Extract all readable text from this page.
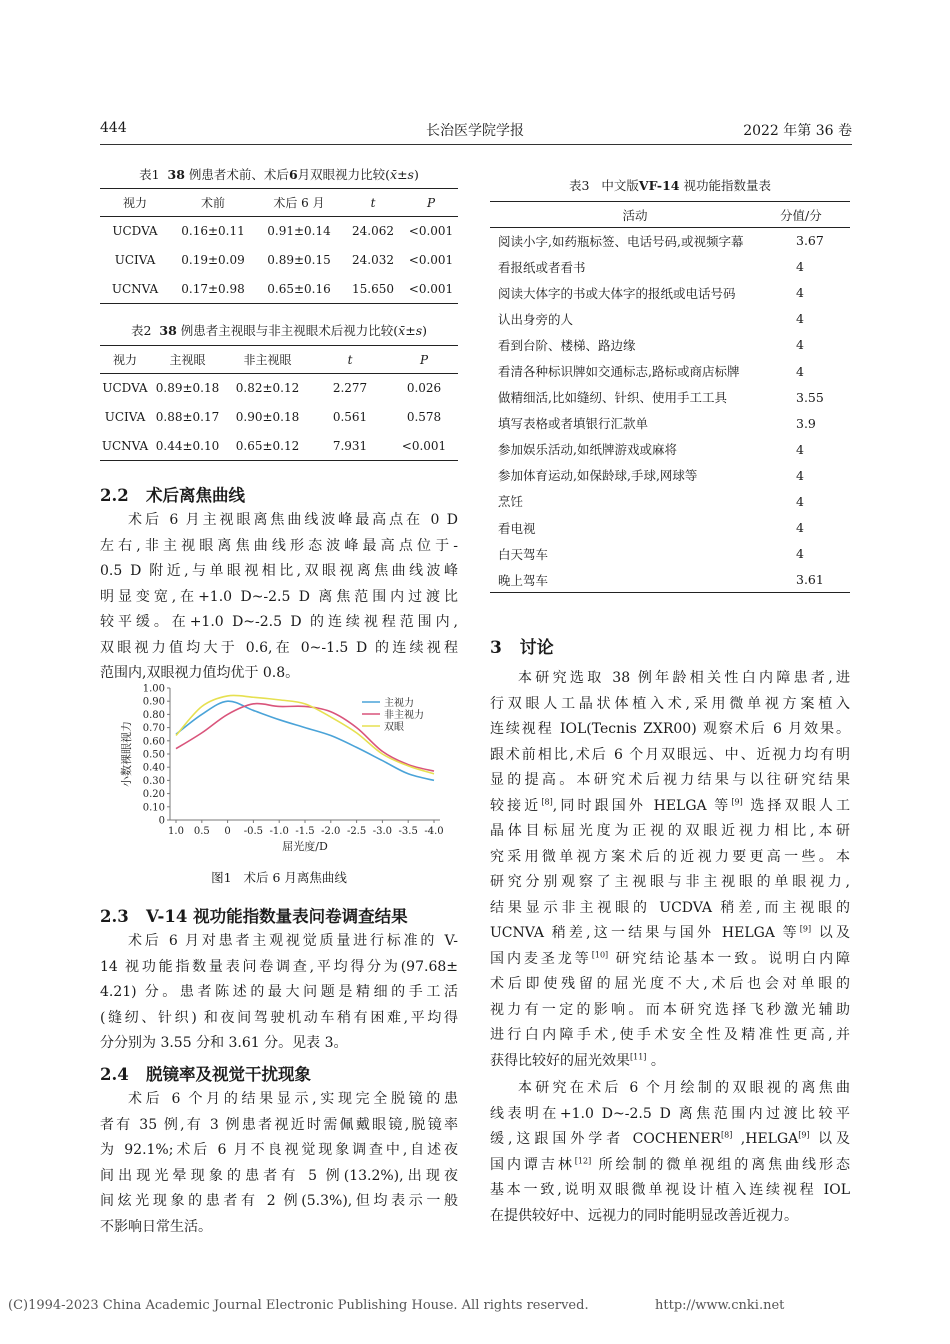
444	长治医学院学报	2022 年第 36 卷
表1 38 例患者术前、术后6月双眼视力比较(x̄±s)
视力	术前	术后 6 月	t	P
UCDVA	0.16±0.11	0.91±0.14	24.062	<0.001
UCIVA	0.19±0.09	0.89±0.15	24.032	<0.001
UCNVA	0.17±0.98	0.65±0.16	15.650	<0.001
表2 38 例患者主视眼与非主视眼术后视力比较(x̄±s)
视力	主视眼	非主视眼	t	P
UCDVA	0.89±0.18	0.82±0.12	2.277	0.026
UCIVA	0.88±0.17	0.90±0.18	0.561	0.578
UCNVA	0.44±0.10	0.65±0.12	7.931	<0.001
2.2 术后离焦曲线
术后 6 月主视眼离焦曲线波峰最高点在 0 D
左右,非主视眼离焦曲线形态波峰最高点位于-
0.5 D 附近,与单眼视相比,双眼视离焦曲线波峰
明显变宽,在+1.0 D~-2.5 D 离焦范围内过渡比
较平缓。在+1.0 D~-2.5 D 的连续视程范围内,
双眼视力值均大于 0.6,在 0~-1.5 D 的连续视程
范围内,双眼视力值均优于 0.8。
0
0.10
0.20
0.30
0.40
0.50
0.60
0.70
0.80
0.90
1.00
1.0 0.5 0 -0.5 -1.0 -1.5 -2.0 -2.5 -3.0 -3.5 -4.0
屈光度/D
小数裸眼视力
主视力
非主视力
双眼
图1 术后 6 月离焦曲线
2.3 V-14 视功能指数量表问卷调查结果
术后 6 月对患者主观视觉质量进行标准的 V-
14 视功能指数量表问卷调查,平均得分为(97.68±
4.21) 分。患者陈述的最大问题是精细的手工活
(缝纫、针织) 和夜间驾驶机动车稍有困难,平均得
分分别为 3.55 分和 3.61 分。见表 3。
2.4 脱镜率及视觉干扰现象
术后 6 个月的结果显示,实现完全脱镜的患
者有 35 例,有 3 例患者视近时需佩戴眼镜,脱镜率
为 92.1%;术后 6 月不良视觉现象调查中,自述夜
间出现光晕现象的患者有 5 例(13.2%),出现夜
间炫光现象的患者有 2 例(5.3%),但均表示一般
不影响日常生活。
表3 中文版VF-14 视功能指数量表
活动	分值/分
阅读小字,如药瓶标签、电话号码,或视频字幕	3.67
看报纸或者看书	4
阅读大体字的书或大体字的报纸或电话号码	4
认出身旁的人	4
看到台阶、楼梯、路边缘	4
看清各种标识牌如交通标志,路标或商店标牌	4
做精细活,比如缝纫、针织、使用手工工具	3.55
填写表格或者填银行汇款单	3.9
参加娱乐活动,如纸牌游戏或麻将	4
参加体育运动,如保龄球,手球,网球等	4
烹饪	4
看电视	4
白天驾车	4
晚上驾车	3.61
3 讨论
本研究选取 38 例年龄相关性白内障患者,进
行双眼人工晶状体植入术,采用微单视方案植入
连续视程 IOL(Tecnis ZXR00) 观察术后 6 月效果。
跟术前相比,术后 6 个月双眼远、中、近视力均有明
显的提高。本研究术后视力结果与以往研究结果
较接近[8],同时跟国外 HELGA 等[9] 选择双眼人工
晶体目标屈光度为正视的双眼近视力相比,本研
究采用微单视方案术后的近视力要更高一些。本
研究分别观察了主视眼与非主视眼的单眼视力,
结果显示非主视眼的 UCDVA 稍差,而主视眼的
UCNVA 稍差,这一结果与国外 HELGA 等[9] 以及
国内麦圣龙等[10] 研究结论基本一致。说明白内障
术后即使残留的屈光度不大,术后也会对单眼的
视力有一定的影响。而本研究选择飞秒激光辅助
进行白内障手术,使手术安全性及精准性更高,并
获得比较好的屈光效果[11] 。
本研究在术后 6 个月绘制的双眼视的离焦曲
线表明在+1.0 D~-2.5 D 离焦范围内过渡比较平
缓,这跟国外学者 COCHENER[8] ,HELGA[9] 以及
国内谭吉林[12] 所绘制的微单视组的离焦曲线形态
基本一致,说明双眼微单视设计植入连续视程 IOL
在提供较好中、远视力的同时能明显改善近视力。
(C)1994-2023 China Academic Journal Electronic Publishing House. All rights reserved.	http://www.cnki.net
